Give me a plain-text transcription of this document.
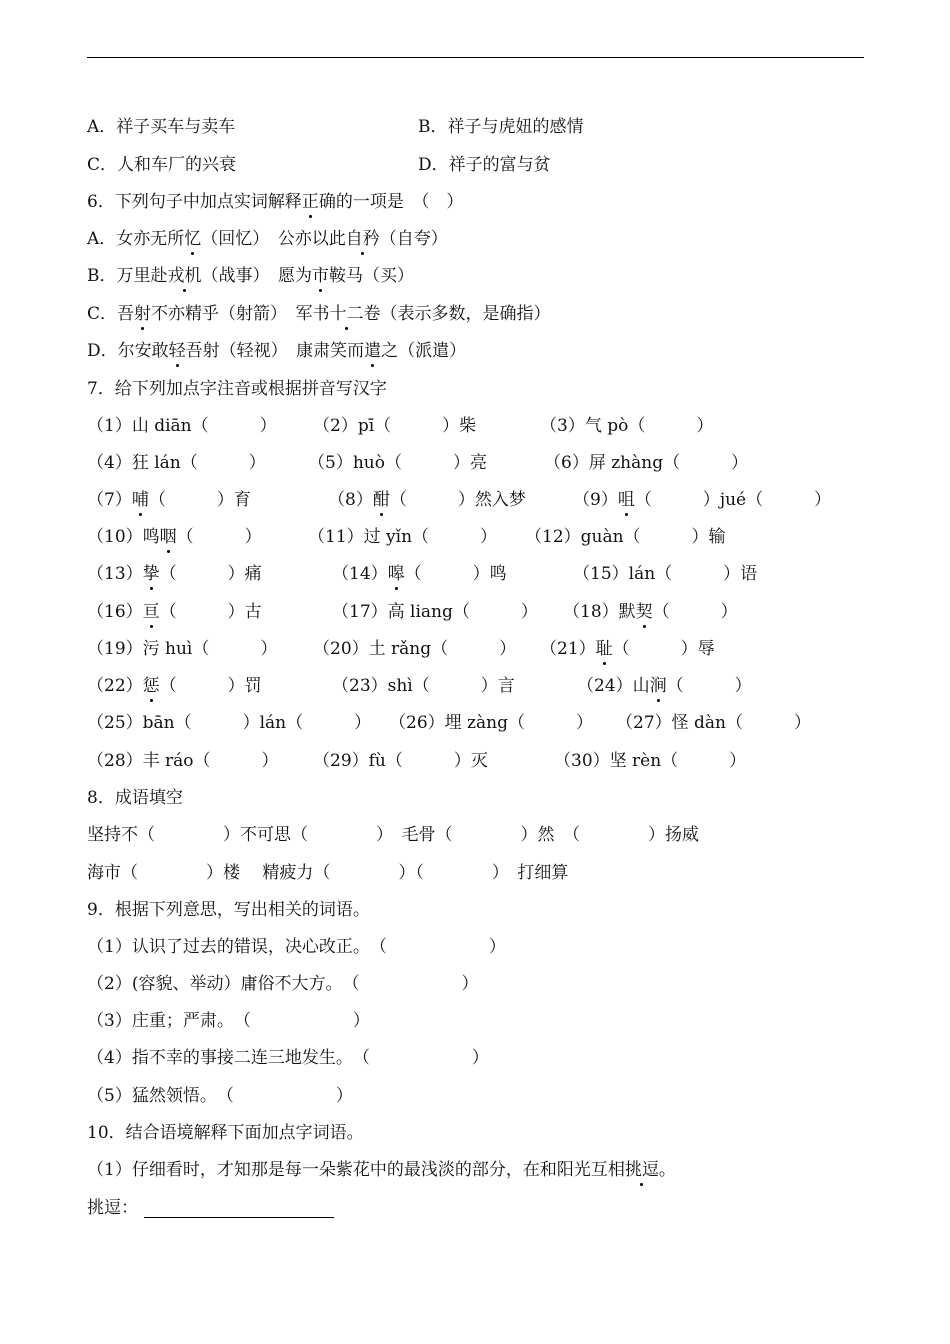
A．祥子买车与卖车	B．祥子与虎妞的感情
C．人和车厂的兴衰	D．祥子的富与贫
6．下列句子中加点实词解释正确的一项是　（　）
A．女亦无所忆（回忆）　公亦以此自矜（自夸）
B．万里赴戎机（战事）　愿为市鞍马（买）
C．吾射不亦精乎（射箭）　军书十二卷（表示多数，是确指）
D．尔安敢轻吾射（轻视）　康肃笑而遣之（派遣）
7．给下列加点字注音或根据拼音写汉字
（1）山 diān（　　　） （2）pī（　　　）柴	（3）气 pò（　　　）
（4）狂 lán（　　　） （5）huò（　　　）亮	（6）屏 zhàng（　　　）
（7）哺（　　　）育	（8）酣（　　　）然入梦	（9）咀（　　　）jué（　　　）
（10）鸣咽（　　　）	（11）过 yǐn（　　　） （12）guàn（　　　）输
（13）挚（　　　）痛	（14）嗥（　　　）鸣	（15）lán（　　　）语
（16）亘（　　　）古	（17）高 liang（　　　） （18）默契（　　　）
（19）污 huì（　　　） （20）土 rǎng（　　　） （21）耻（　　　）辱
（22）惩（　　　）罚	（23）shì（　　　）言	（24）山涧（　　　）
（25）bān（　　　）lán（　　　） （26）埋 zàng（　　　） （27）怪 dàn（　　　）
（28）丰 ráo（　　　） （29）fù（　　　）灭	（30）坚 rèn（　　　）
8．成语填空
坚持不（　　　　）不可思（　　　　）　毛骨（　　　　）然　（　　　　）扬威
海市（　　　　）楼　 精疲力（　　　　）（　　　　）　打细算
9．根据下列意思，写出相关的词语。
（1）认识了过去的错误，决心改正。　（　　　　　　）
（2）(容貌、举动）庸俗不大方。　（　　　　　　）
（3）庄重；严肃。　（　　　　　　）
（4）指不幸的事接二连三地发生。　（　　　　　　）
（5）猛然领悟。　（　　　　　　）
10．结合语境解释下面加点字词语。
（1）仔细看时，才知那是每一朵紫花中的最浅淡的部分，在和阳光互相挑逗。
挑逗：
